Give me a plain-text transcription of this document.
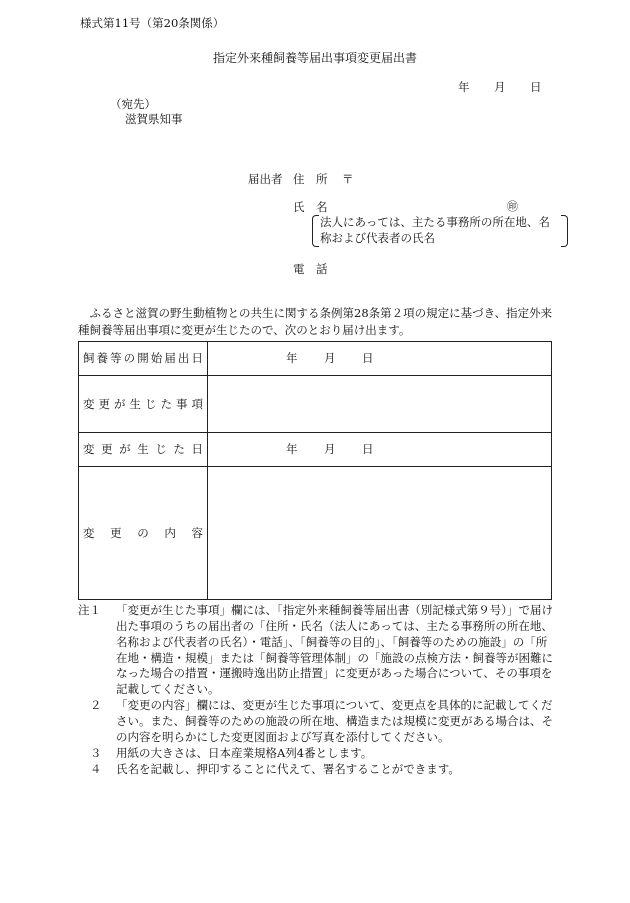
様式第11号（第20条関係）
指定外来種飼養等届出事項変更届出書
年 月 日
（宛先）
滋賀県知事
届出者 住　所 〒
氏　名	㊞
法人にあっては、主たる事務所の所在地、名称および代表者の氏名
電　話
ふるさと滋賀の野生動植物との共生に関する条例第28条第２項の規定に基づき、指定外来種飼養等届出事項に変更が生じたので、次のとおり届け出ます。
飼養等の開始届出日	年 月 日

変更が生じた事項	

変更が生じた日	年 月 日

変更の内容	

注１	「変更が生じた事項」欄には、「指定外来種飼養等届出書（別記様式第９号）」で届け出た事項のうちの届出者の「住所・氏名（法人にあっては、主たる事務所の所在地、名称および代表者の氏名）・電話」、「飼養等の目的」、「飼養等のための施設」の「所在地・構造・規模」または「飼養等管理体制」の「施設の点検方法・飼養等が困難になった場合の措置・運搬時逸出防止措置」に変更があった場合について、その事項を記載してください。
２	「変更の内容」欄には、変更が生じた事項について、変更点を具体的に記載してください。また、飼養等のための施設の所在地、構造または規模に変更がある場合は、その内容を明らかにした変更図面および写真を添付してください。
３	用紙の大きさは、日本産業規格A列4番とします。
４	氏名を記載し、押印することに代えて、署名することができます。
